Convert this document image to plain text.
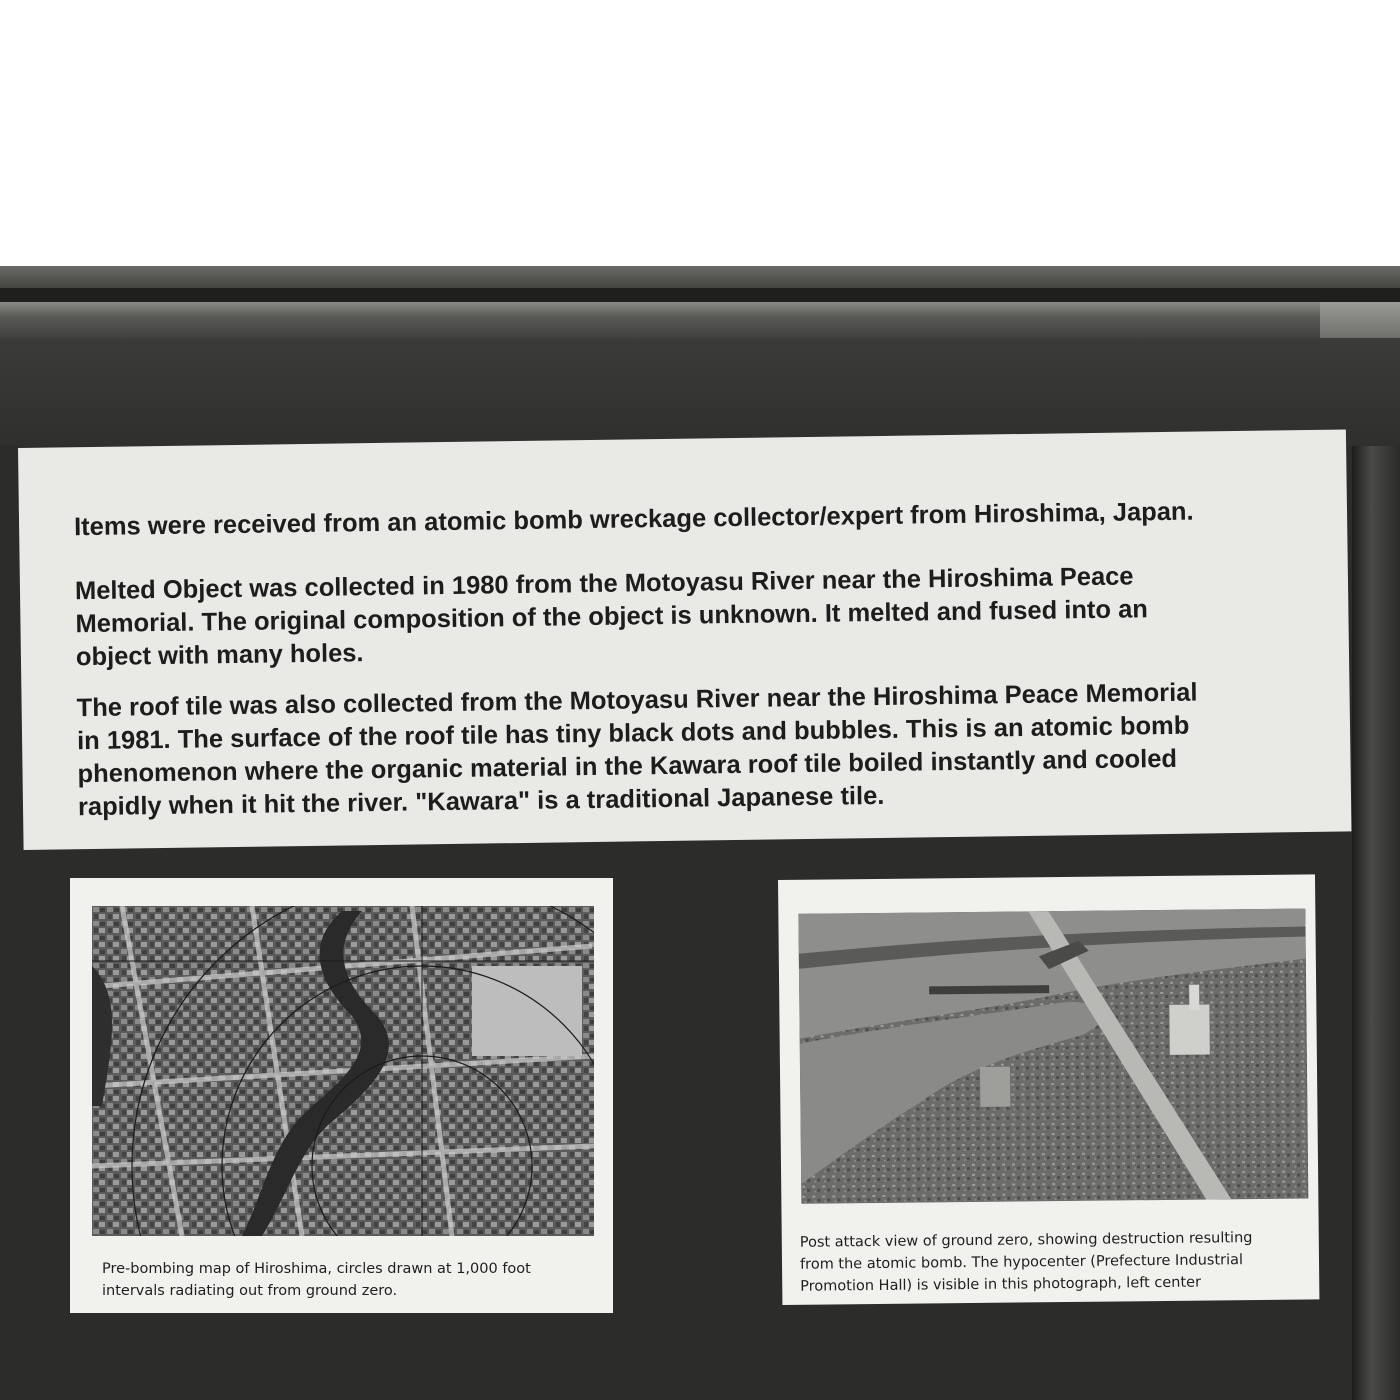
Items were received from an atomic bomb wreckage collector/expert from Hiroshima, Japan.

Melted Object was collected in 1980 from the Motoyasu River near the Hiroshima Peace
Memorial. The original composition of the object is unknown. It melted and fused into an
object with many holes.

The roof tile was also collected from the Motoyasu River near the Hiroshima Peace Memorial
in 1981. The surface of the roof tile has tiny black dots and bubbles. This is an atomic bomb
phenomenon where the organic material in the Kawara roof tile boiled instantly and cooled
rapidly when it hit the river. "Kawara" is a traditional Japanese tile.

Pre-bombing map of Hiroshima, circles drawn at 1,000 foot
intervals radiating out from ground zero.

Post attack view of ground zero, showing destruction resulting
from the atomic bomb. The hypocenter (Prefecture Industrial
Promotion Hall) is visible in this photograph, left center
